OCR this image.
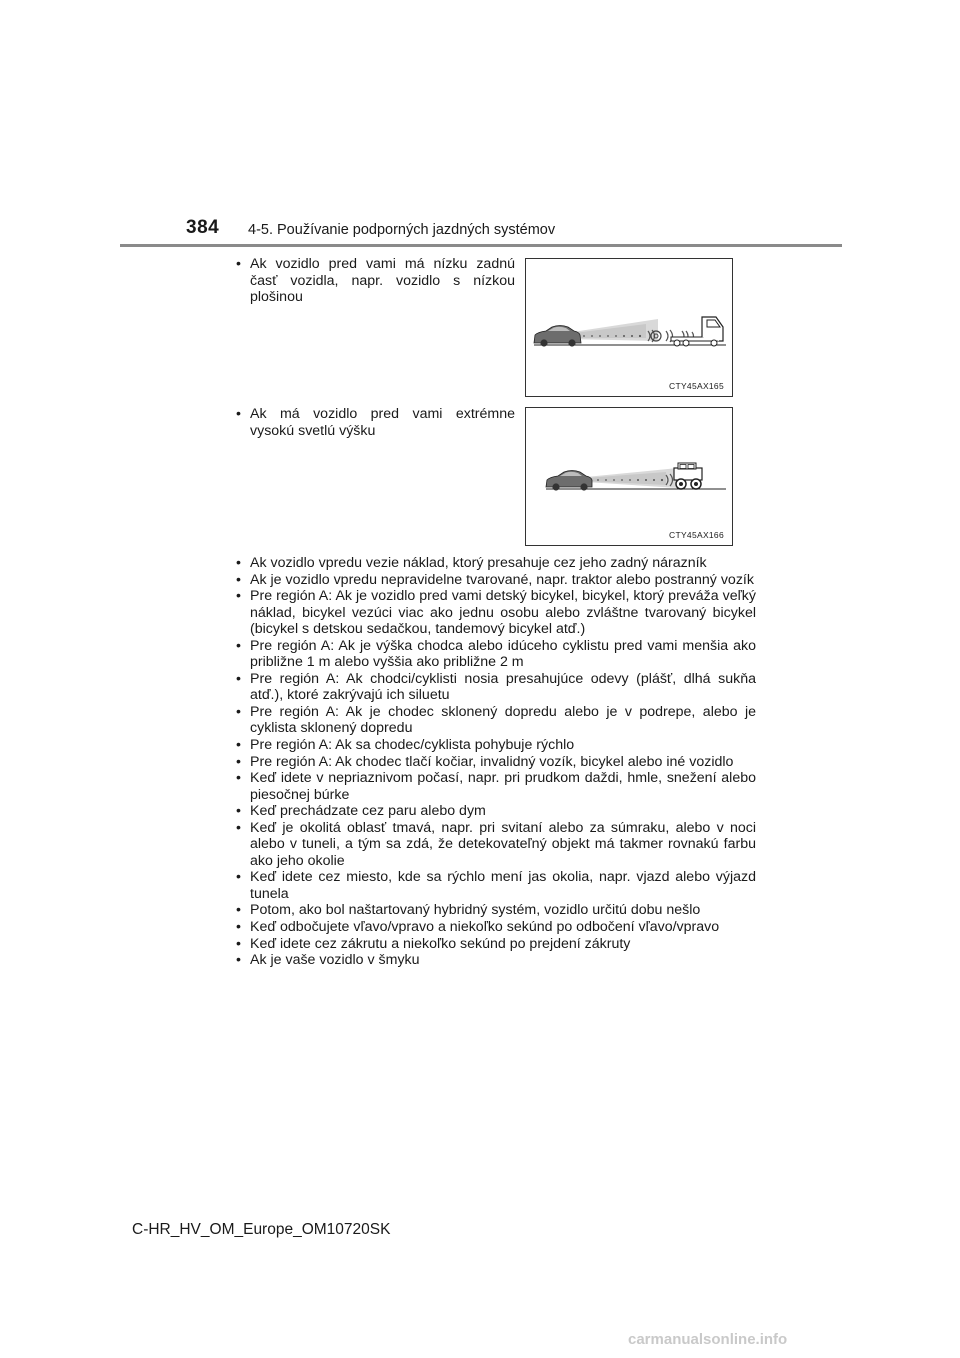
384 4-5. Používanie podporných jazdných systémov
• Ak vozidlo pred vami má nízku zadnú časť vozidla, napr. vozidlo s nízkou plošinou
CTY45AX165
• Ak má vozidlo pred vami extrémne vysokú svetlú výšku
CTY45AX166
• Ak vozidlo vpredu vezie náklad, ktorý presahuje cez jeho zadný nárazník
• Ak je vozidlo vpredu nepravidelne tvarované, napr. traktor alebo postranný vozík
• Pre región A: Ak je vozidlo pred vami detský bicykel, bicykel, ktorý preváža veľký náklad, bicykel vezúci viac ako jednu osobu alebo zvláštne tvarovaný bicykel (bicykel s detskou sedačkou, tandemový bicykel atď.)
• Pre región A: Ak je výška chodca alebo idúceho cyklistu pred vami menšia ako približne 1 m alebo vyššia ako približne 2 m
• Pre región A: Ak chodci/cyklisti nosia presahujúce odevy (plášť, dlhá sukňa atď.), ktoré zakrývajú ich siluetu
• Pre región A: Ak je chodec sklonený dopredu alebo je v podrepe, alebo je cyklista sklonený dopredu
• Pre región A: Ak sa chodec/cyklista pohybuje rýchlo
• Pre región A: Ak chodec tlačí kočiar, invalidný vozík, bicykel alebo iné vozidlo
• Keď idete v nepriaznivom počasí, napr. pri prudkom daždi, hmle, snežení alebo piesočnej búrke
• Keď prechádzate cez paru alebo dym
• Keď je okolitá oblasť tmavá, napr. pri svitaní alebo za súmraku, alebo v noci alebo v tuneli, a tým sa zdá, že detekovateľný objekt má takmer rovnakú farbu ako jeho okolie
• Keď idete cez miesto, kde sa rýchlo mení jas okolia, napr. vjazd alebo výjazd tunela
• Potom, ako bol naštartovaný hybridný systém, vozidlo určitú dobu nešlo
• Keď odbočujete vľavo/vpravo a niekoľko sekúnd po odbočení vľavo/vpravo
• Keď idete cez zákrutu a niekoľko sekúnd po prejdení zákruty
• Ak je vaše vozidlo v šmyku
C-HR_HV_OM_Europe_OM10720SK
carmanualsonline.info
